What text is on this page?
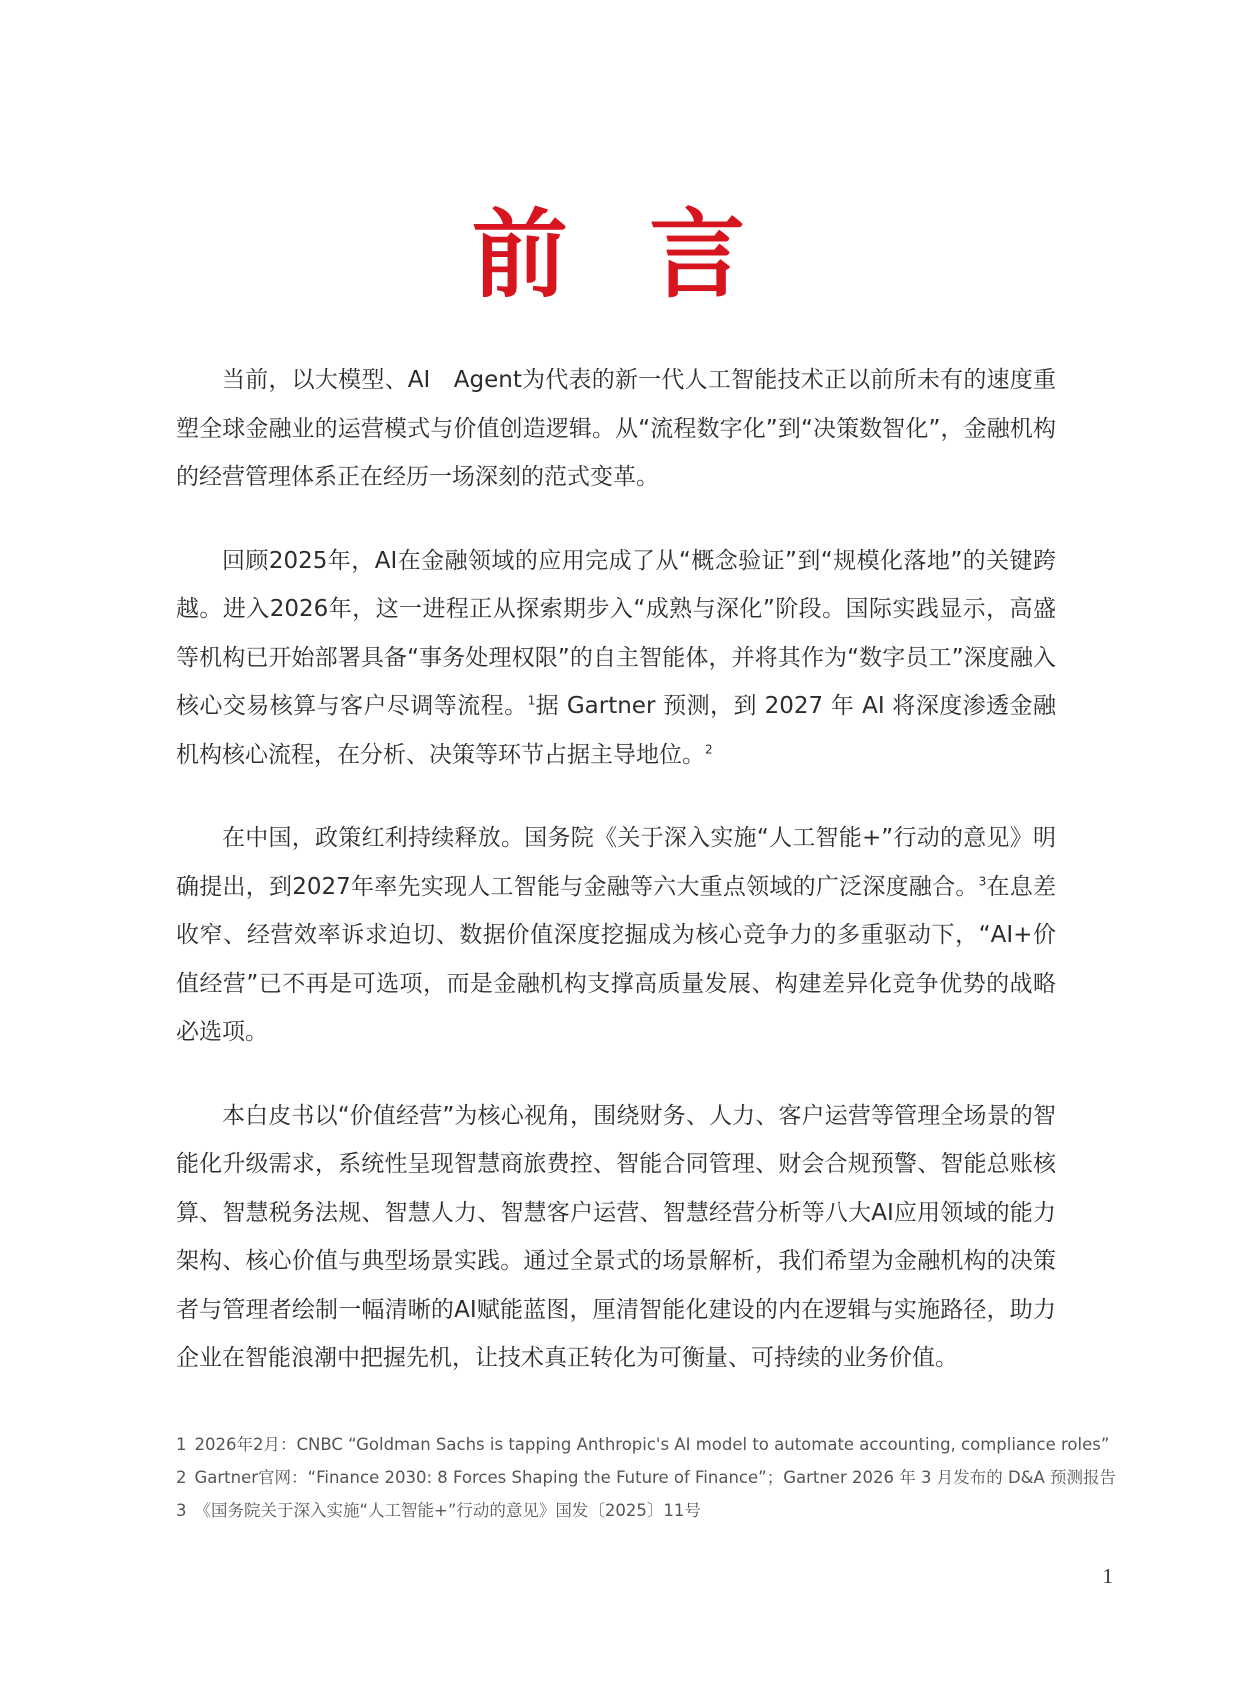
前 言

当前，以大模型、AI　Agent为代表的新一代人工智能技术正以前所未有的速度重塑全球金融业的运营模式与价值创造逻辑。从“流程数字化”到“决策数智化”，金融机构的经营管理体系正在经历一场深刻的范式变革。

回顾2025年，AI在金融领域的应用完成了从“概念验证”到“规模化落地”的关键跨越。进入2026年，这一进程正从探索期步入“成熟与深化”阶段。国际实践显示，高盛等机构已开始部署具备“事务处理权限”的自主智能体，并将其作为“数字员工”深度融入核心交易核算与客户尽调等流程。$^1$据 Gartner 预测，到 2027 年 AI 将深度渗透金融机构核心流程，在分析、决策等环节占据主导地位。$^2$

在中国，政策红利持续释放。国务院《关于深入实施“人工智能+”行动的意见》明确提出，到2027年率先实现人工智能与金融等六大重点领域的广泛深度融合。$^3$在息差收窄、经营效率诉求迫切、数据价值深度挖掘成为核心竞争力的多重驱动下，“AI+价值经营”已不再是可选项，而是金融机构支撑高质量发展、构建差异化竞争优势的战略必选项。

本白皮书以“价值经营”为核心视角，围绕财务、人力、客户运营等管理全场景的智能化升级需求，系统性呈现智慧商旅费控、智能合同管理、财会合规预警、智能总账核算、智慧税务法规、智慧人力、智慧客户运营、智慧经营分析等八大AI应用领域的能力架构、核心价值与典型场景实践。通过全景式的场景解析，我们希望为金融机构的决策者与管理者绘制一幅清晰的AI赋能蓝图，厘清智能化建设的内在逻辑与实施路径，助力企业在智能浪潮中把握先机，让技术真正转化为可衡量、可持续的业务价值。

1 2026年2月：CNBC “Goldman Sachs is tapping Anthropic's AI model to automate accounting, compliance roles”

2 Gartner官网：“Finance 2030: 8 Forces Shaping the Future of Finance”；Gartner 2026 年 3 月发布的 D&A 预测报告

3 《国务院关于深入实施“人工智能+”行动的意见》国发〔2025〕11号

1
